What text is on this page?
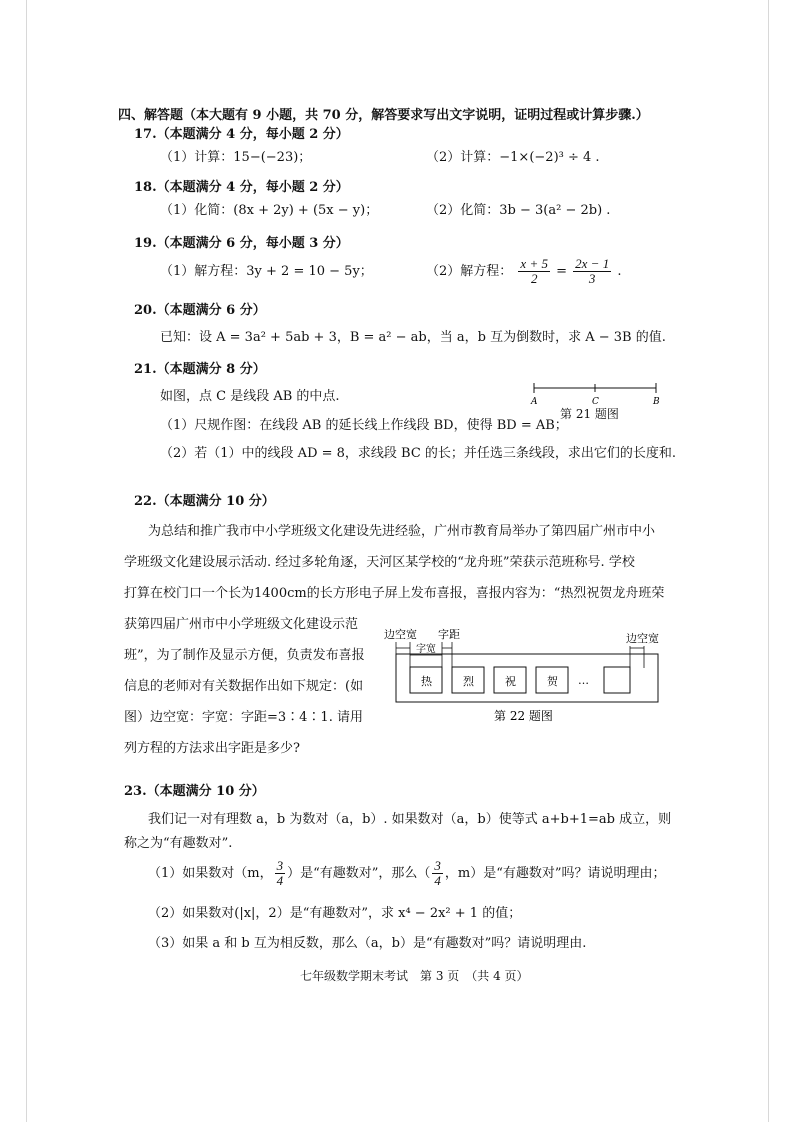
四、解答题（本大题有 9 小题，共 70 分，解答要求写出文字说明，证明过程或计算步骤.）
17.（本题满分 4 分，每小题 2 分）
（1）计算：15−(−23)；	（2）计算：−1×(−2)³ ÷ 4 .
18.（本题满分 4 分，每小题 2 分）
（1）化简：(8x + 2y) + (5x − y)；	（2）化简：3b − 3(a² − 2b) .
19.（本题满分 6 分，每小题 3 分）
（1）解方程：3y + 2 = 10 − 5y；	（2）解方程： $\frac{x + 5}{2} = \frac{2x - 1}{3}$ .
20.（本题满分 6 分）
已知：设 A = 3a² + 5ab + 3，B = a² − ab，当 a，b 互为倒数时，求 A − 3B 的值.
21.（本题满分 8 分）
如图，点 C 是线段 AB 的中点.	A	C	B
第 21 题图
（1）尺规作图：在线段 AB 的延长线上作线段 BD，使得 BD = AB；
（2）若（1）中的线段 AD = 8，求线段 BC 的长；并任选三条线段，求出它们的长度和.
22.（本题满分 10 分）
为总结和推广我市中小学班级文化建设先进经验，广州市教育局举办了第四届广州市中小
学班级文化建设展示活动. 经过多轮角逐，天河区某学校的“龙舟班”荣获示范班称号. 学校
打算在校门口一个长为1400cm的长方形电子屏上发布喜报，喜报内容为：“热烈祝贺龙舟班荣
获第四届广州市中小学班级文化建设示范
班”，为了制作及显示方便，负责发布喜报
信息的老师对有关数据作出如下规定：(如
图）边空宽：字宽：字距=3∶4∶1. 请用
列方程的方法求出字距是多少?
边空宽 字距
字宽
边空宽
热	烈	祝	贺 …
第 22 题图
23.（本题满分 10 分）
我们记一对有理数 a，b 为数对（a，b）. 如果数对（a，b）使等式 a+b+1=ab 成立，则
称之为“有趣数对”.
（1）如果数对（m， $\frac{3}{4}$ ）是“有趣数对”，那么（ $\frac{3}{4}$ ，m）是“有趣数对”吗？请说明理由；
（2）如果数对(|x|，2）是“有趣数对”，求 x⁴ − 2x² + 1 的值；
（3）如果 a 和 b 互为相反数，那么（a，b）是“有趣数对”吗？请说明理由.
七年级数学期末考试　第 3 页　（共 4 页）
